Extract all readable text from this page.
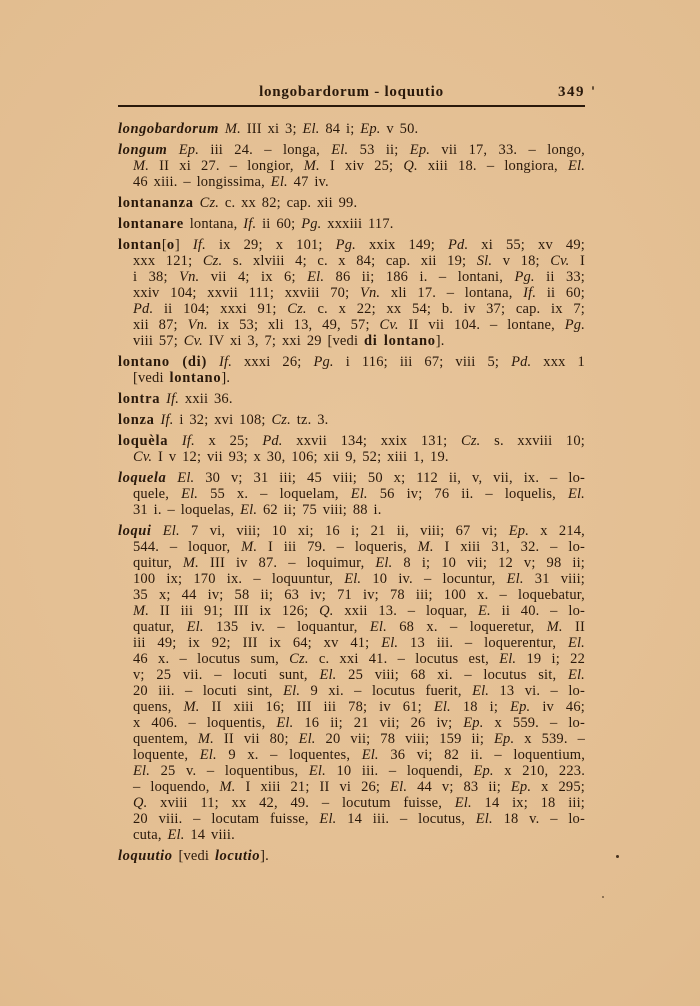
longobardorum - loquutio	349
longobardorum M. III xi 3; El. 84 i; Ep. v 50.
longum Ep. iii 24. – longa, El. 53 ii; Ep. vii 17, 33. – longo,
M. II xi 27. – longior, M. I xiv 25; Q. xiii 18. – longiora, El.
46 xiii. – longissima, El. 47 iv.
lontananza Cz. c. xx 82; cap. xii 99.
lontanare lontana, If. ii 60; Pg. xxxiii 117.
lontan[o] If. ix 29; x 101; Pg. xxix 149; Pd. xi 55; xv 49;
xxx 121; Cz. s. xlviii 4; c. x 84; cap. xii 19; Sl. v 18; Cv. I
i 38; Vn. vii 4; ix 6; El. 86 ii; 186 i. – lontani, Pg. ii 33;
xxiv 104; xxvii 111; xxviii 70; Vn. xli 17. – lontana, If. ii 60;
Pd. ii 104; xxxi 91; Cz. c. x 22; xx 54; b. iv 37; cap. ix 7;
xii 87; Vn. ix 53; xli 13, 49, 57; Cv. II vii 104. – lontane, Pg.
viii 57; Cv. IV xi 3, 7; xxi 29 [vedi di lontano].
lontano (di) If. xxxi 26; Pg. i 116; iii 67; viii 5; Pd. xxx 1
[vedi lontano].
lontra If. xxii 36.
lonza If. i 32; xvi 108; Cz. tz. 3.
loquèla If. x 25; Pd. xxvii 134; xxix 131; Cz. s. xxviii 10;
Cv. I v 12; vii 93; x 30, 106; xii 9, 52; xiii 1, 19.
loquela El. 30 v; 31 iii; 45 viii; 50 x; 112 ii, v, vii, ix. – lo-
quele, El. 55 x. – loquelam, El. 56 iv; 76 ii. – loquelis, El.
31 i. – loquelas, El. 62 ii; 75 viii; 88 i.
loqui El. 7 vi, viii; 10 xi; 16 i; 21 ii, viii; 67 vi; Ep. x 214,
544. – loquor, M. I iii 79. – loqueris, M. I xiii 31, 32. – lo-
quitur, M. III iv 87. – loquimur, El. 8 i; 10 vii; 12 v; 98 ii;
100 ix; 170 ix. – loquuntur, El. 10 iv. – locuntur, El. 31 viii;
35 x; 44 iv; 58 ii; 63 iv; 71 iv; 78 iii; 100 x. – loquebatur,
M. II iii 91; III ix 126; Q. xxii 13. – loquar, E. ii 40. – lo-
quatur, El. 135 iv. – loquantur, El. 68 x. – loqueretur, M. II
iii 49; ix 92; III ix 64; xv 41; El. 13 iii. – loquerentur, El.
46 x. – locutus sum, Cz. c. xxi 41. – locutus est, El. 19 i; 22
v; 25 vii. – locuti sunt, El. 25 viii; 68 xi. – locutus sit, El.
20 iii. – locuti sint, El. 9 xi. – locutus fuerit, El. 13 vi. – lo-
quens, M. II xiii 16; III iii 78; iv 61; El. 18 i; Ep. iv 46;
x 406. – loquentis, El. 16 ii; 21 vii; 26 iv; Ep. x 559. – lo-
quentem, M. II vii 80; El. 20 vii; 78 viii; 159 ii; Ep. x 539. –
loquente, El. 9 x. – loquentes, El. 36 vi; 82 ii. – loquentium,
El. 25 v. – loquentibus, El. 10 iii. – loquendi, Ep. x 210, 223.
– loquendo, M. I xiii 21; II vi 26; El. 44 v; 83 ii; Ep. x 295;
Q. xviii 11; xx 42, 49. – locutum fuisse, El. 14 ix; 18 iii;
20 viii. – locutam fuisse, El. 14 iii. – locutus, El. 18 v. – lo-
cuta, El. 14 viii.
loquutio [vedi locutio].
